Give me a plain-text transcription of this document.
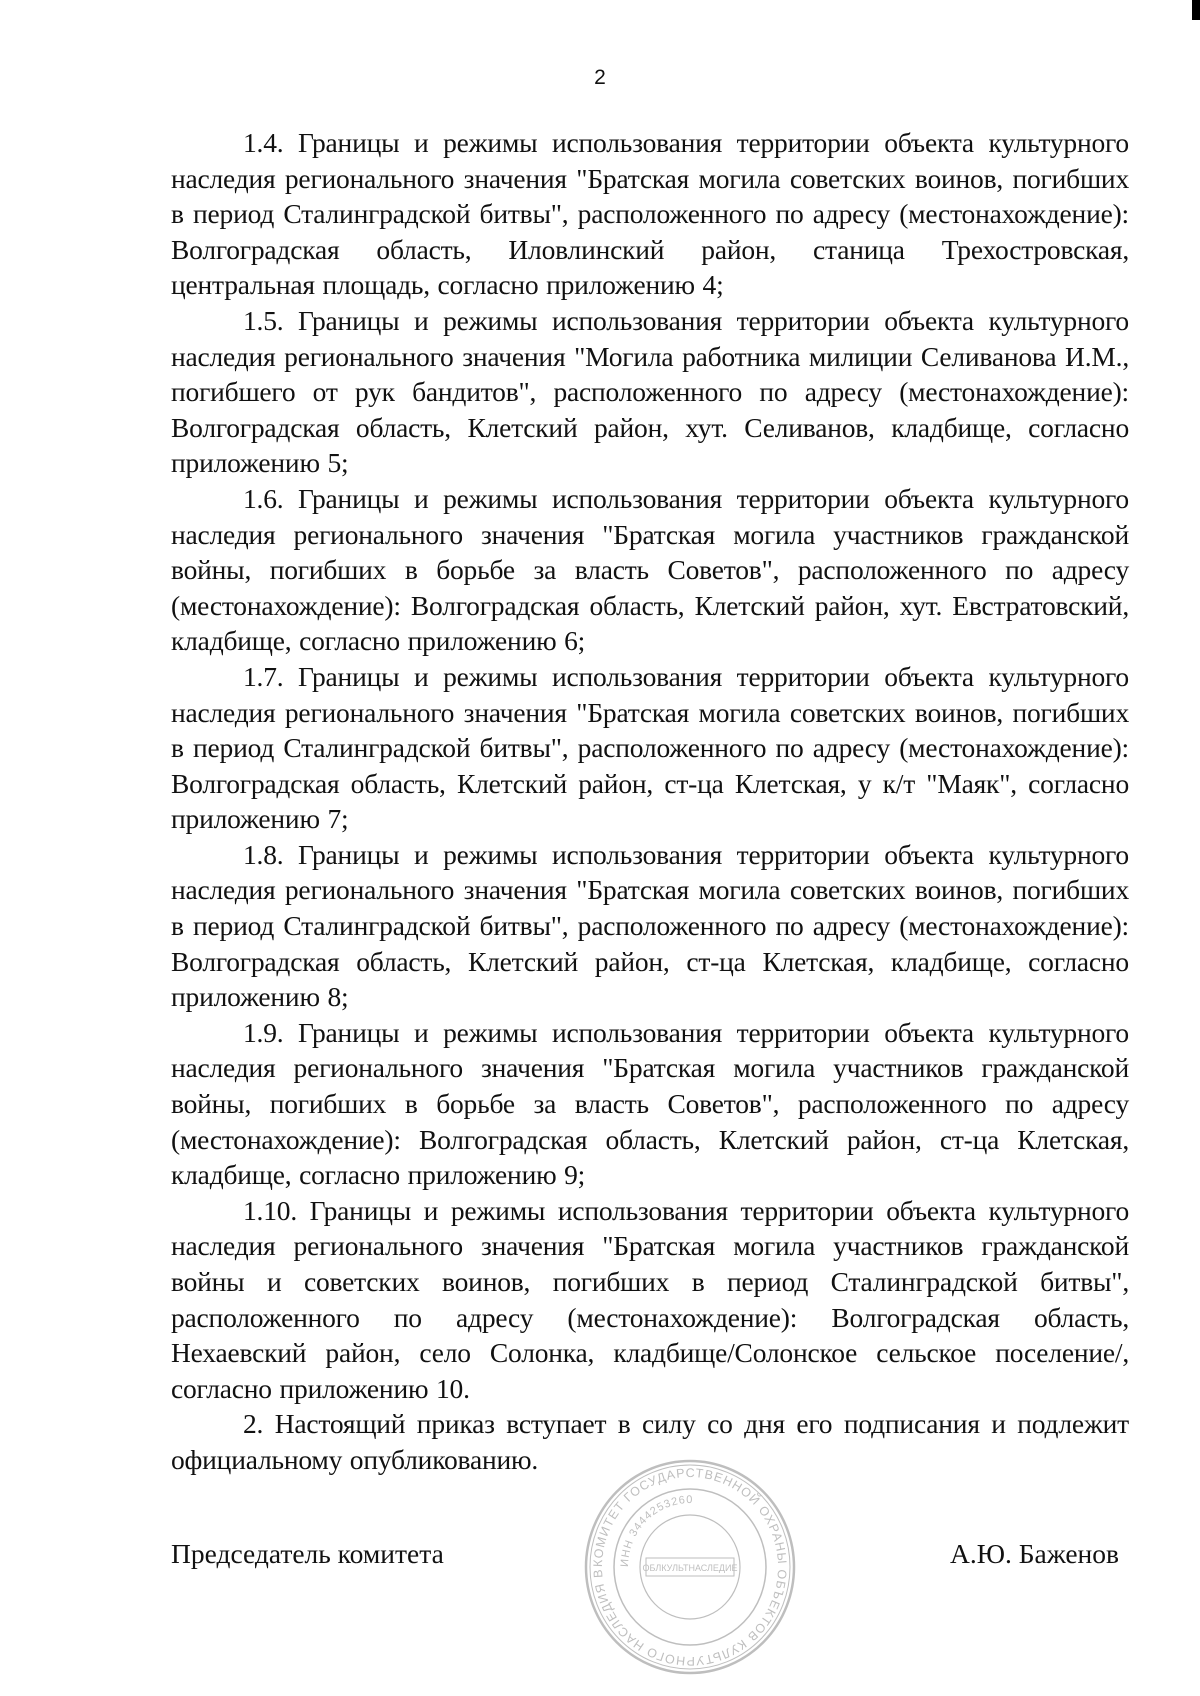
2

1.4. Границы и режимы использования территории объекта культурного наследия регионального значения "Братская могила советских воинов, погибших в период Сталинградской битвы", расположенного по адресу (местонахождение): Волгоградская область, Иловлинский район, станица Трехостровская, центральная площадь, согласно приложению 4;

1.5. Границы и режимы использования территории объекта культурного наследия регионального значения "Могила работника милиции Селиванова И.М., погибшего от рук бандитов", расположенного по адресу (местонахождение): Волгоградская область, Клетский район, хут. Селиванов, кладбище, согласно приложению 5;

1.6. Границы и режимы использования территории объекта культурного наследия регионального значения "Братская могила участников гражданской войны, погибших в борьбе за власть Советов", расположенного по адресу (местонахождение): Волгоградская область, Клетский район, хут. Евстратовский, кладбище, согласно приложению 6;

1.7. Границы и режимы использования территории объекта культурного наследия регионального значения "Братская могила советских воинов, погибших в период Сталинградской битвы", расположенного по адресу (местонахождение): Волгоградская область, Клетский район, ст-ца Клетская, у к/т "Маяк", согласно приложению 7;

1.8. Границы и режимы использования территории объекта культурного наследия регионального значения "Братская могила советских воинов, погибших в период Сталинградской битвы", расположенного по адресу (местонахождение): Волгоградская область, Клетский район, ст-ца Клетская, кладбище, согласно приложению 8;

1.9. Границы и режимы использования территории объекта культурного наследия регионального значения "Братская могила участников гражданской войны, погибших в борьбе за власть Советов", расположенного по адресу (местонахождение): Волгоградская область, Клетский район, ст-ца Клетская, кладбище, согласно приложению 9;

1.10. Границы и режимы использования территории объекта культурного наследия регионального значения "Братская могила участников гражданской войны и советских воинов, погибших в период Сталинградской битвы", расположенного по адресу (местонахождение): Волгоградская область, Нехаевский район, село Солонка, кладбище/Солонское сельское поселение/, согласно приложению 10.

2. Настоящий приказ вступает в силу со дня его подписания и подлежит официальному опубликованию.

КОМИТЕТ ГОСУДАРСТВЕННОЙ ОХРАНЫ ОБЪЕКТОВ КУЛЬТУРНОГО НАСЛЕДИЯ В
ИНН 3444253260
ОБЛКУЛЬТНАСЛЕДИЕ
Председатель комитета	А.Ю. Баженов
